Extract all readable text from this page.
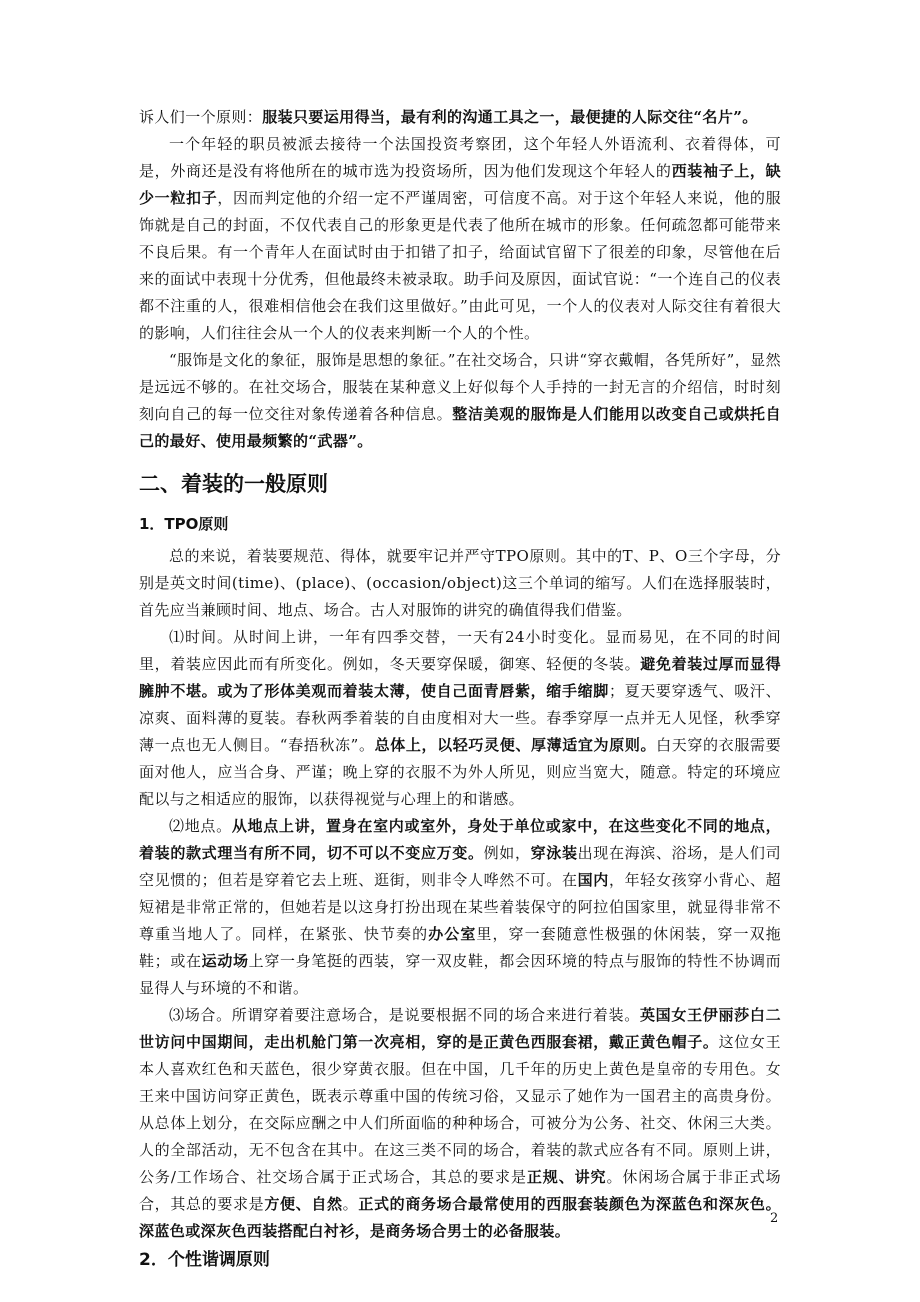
诉人们一个原则：服装只要运用得当，最有利的沟通工具之一，最便捷的人际交往“名片”。

一个年轻的职员被派去接待一个法国投资考察团，这个年轻人外语流利、衣着得体，可是，外商还是没有将他所在的城市选为投资场所，因为他们发现这个年轻人的西装袖子上，缺少一粒扣子，因而判定他的介绍一定不严谨周密，可信度不高。对于这个年轻人来说，他的服饰就是自己的封面，不仅代表自己的形象更是代表了他所在城市的形象。任何疏忽都可能带来不良后果。有一个青年人在面试时由于扣错了扣子，给面试官留下了很差的印象，尽管他在后来的面试中表现十分优秀，但他最终未被录取。助手问及原因，面试官说：“一个连自己的仪表都不注重的人，很难相信他会在我们这里做好。”由此可见，一个人的仪表对人际交往有着很大的影响，人们往往会从一个人的仪表来判断一个人的个性。

“服饰是文化的象征，服饰是思想的象征。”在社交场合，只讲“穿衣戴帽，各凭所好”，显然是远远不够的。在社交场合，服装在某种意义上好似每个人手持的一封无言的介绍信，时时刻刻向自己的每一位交往对象传递着各种信息。整洁美观的服饰是人们能用以改变自己或烘托自己的最好、使用最频繁的“武器”。

二、着装的一般原则
1．TPO原则

总的来说，着装要规范、得体，就要牢记并严守TPO原则。其中的T、P、O三个字母，分别是英文时间(time)、(place)、(occasion/object)这三个单词的缩写。人们在选择服装时，首先应当兼顾时间、地点、场合。古人对服饰的讲究的确值得我们借鉴。

⑴时间。从时间上讲，一年有四季交替，一天有24小时变化。显而易见，在不同的时间里，着装应因此而有所变化。例如，冬天要穿保暖，御寒、轻便的冬装。避免着装过厚而显得臃肿不堪。或为了形体美观而着装太薄，使自己面青唇紫，缩手缩脚；夏天要穿透气、吸汗、凉爽、面料薄的夏装。春秋两季着装的自由度相对大一些。春季穿厚一点并无人见怪，秋季穿薄一点也无人侧目。“春捂秋冻”。总体上，以轻巧灵便、厚薄适宜为原则。白天穿的衣服需要面对他人，应当合身、严谨；晚上穿的衣服不为外人所见，则应当宽大，随意。特定的环境应配以与之相适应的服饰，以获得视觉与心理上的和谐感。

⑵地点。从地点上讲，置身在室内或室外，身处于单位或家中，在这些变化不同的地点，着装的款式理当有所不同，切不可以不变应万变。例如，穿泳装出现在海滨、浴场，是人们司空见惯的；但若是穿着它去上班、逛街，则非令人哗然不可。在国内，年轻女孩穿小背心、超短裙是非常正常的，但她若是以这身打扮出现在某些着装保守的阿拉伯国家里，就显得非常不尊重当地人了。同样，在紧张、快节奏的办公室里，穿一套随意性极强的休闲装，穿一双拖鞋；或在运动场上穿一身笔挺的西装，穿一双皮鞋，都会因环境的特点与服饰的特性不协调而显得人与环境的不和谐。

⑶场合。所谓穿着要注意场合，是说要根据不同的场合来进行着装。英国女王伊丽莎白二世访问中国期间，走出机舱门第一次亮相，穿的是正黄色西服套裙，戴正黄色帽子。这位女王本人喜欢红色和天蓝色，很少穿黄衣服。但在中国，几千年的历史上黄色是皇帝的专用色。女王来中国访问穿正黄色，既表示尊重中国的传统习俗，又显示了她作为一国君主的高贵身份。从总体上划分，在交际应酬之中人们所面临的种种场合，可被分为公务、社交、休闲三大类。人的全部活动，无不包含在其中。在这三类不同的场合，着装的款式应各有不同。原则上讲，公务/工作场合、社交场合属于正式场合，其总的要求是正规、讲究。休闲场合属于非正式场合，其总的要求是方便、自然。正式的商务场合最常使用的西服套装颜色为深蓝色和深灰色。深蓝色或深灰色西装搭配白衬衫，是商务场合男士的必备服装。

2．个性谐调原则
2
